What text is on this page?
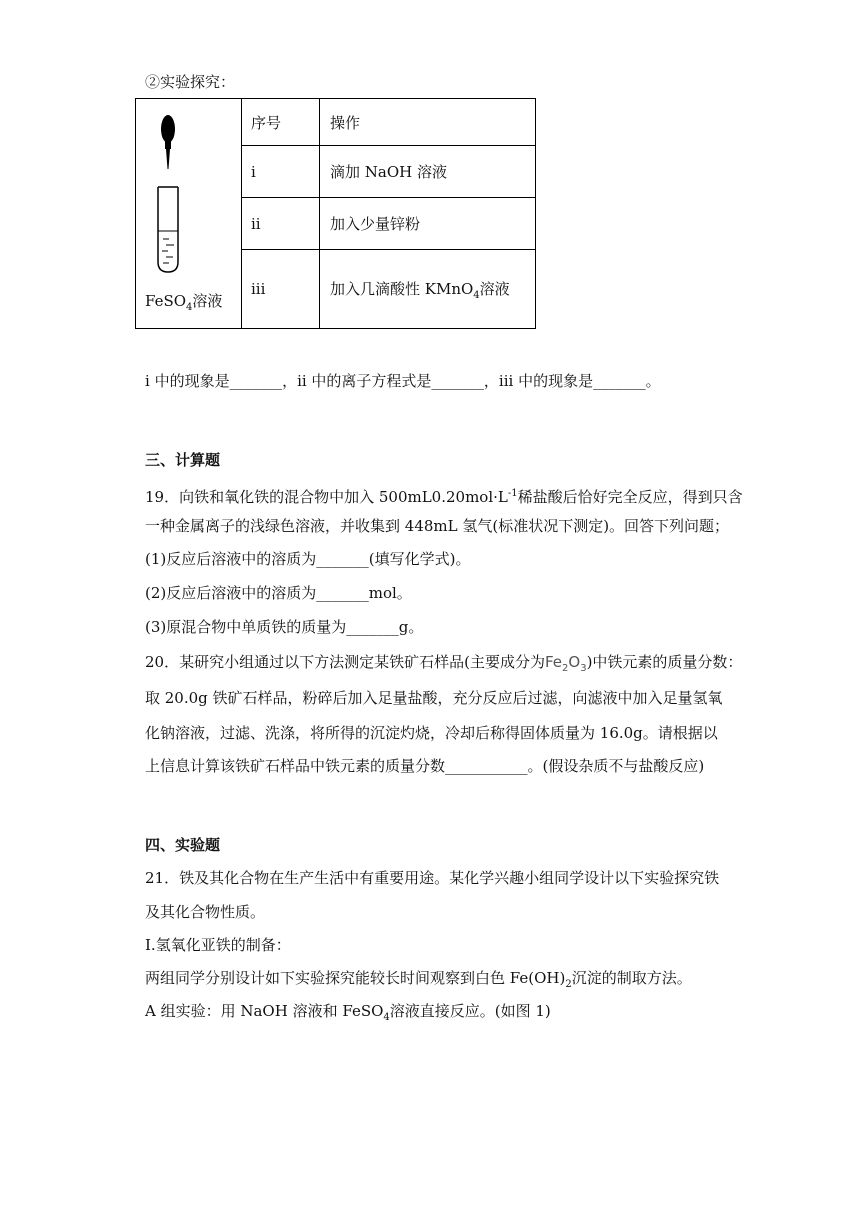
②实验探究：
FeSO$_4$溶液	序号	操作
	i	滴加 NaOH 溶液
	ii	加入少量锌粉
	iii	加入几滴酸性 KMnO$_4$溶液
i 中的现象是_______，ii 中的离子方程式是_______，iii 中的现象是_______。
三、计算题
19．向铁和氧化铁的混合物中加入 $500mL0.20mol\cdot L^{-1}$稀盐酸后恰好完全反应，得到只含
一种金属离子的浅绿色溶液，并收集到 448mL 氢气(标准状况下测定)。回答下列问题；
(1)反应后溶液中的溶质为_______(填写化学式)。
(2)反应后溶液中的溶质为_______mol。
(3)原混合物中单质铁的质量为_______g。
20．某研究小组通过以下方法测定某铁矿石样品(主要成分为$Fe_2O_3$)中铁元素的质量分数：
取 20.0g 铁矿石样品，粉碎后加入足量盐酸，充分反应后过滤，向滤液中加入足量氢氧
化钠溶液，过滤、洗涤，将所得的沉淀灼烧，冷却后称得固体质量为 16.0g。请根据以
上信息计算该铁矿石样品中铁元素的质量分数___________。(假设杂质不与盐酸反应)
四、实验题
21．铁及其化合物在生产生活中有重要用途。某化学兴趣小组同学设计以下实验探究铁
及其化合物性质。
I.氢氧化亚铁的制备：
两组同学分别设计如下实验探究能较长时间观察到白色 $Fe(OH)_2$沉淀的制取方法。
A 组实验：用 NaOH 溶液和 FeSO$_4$溶液直接反应。(如图 1)
